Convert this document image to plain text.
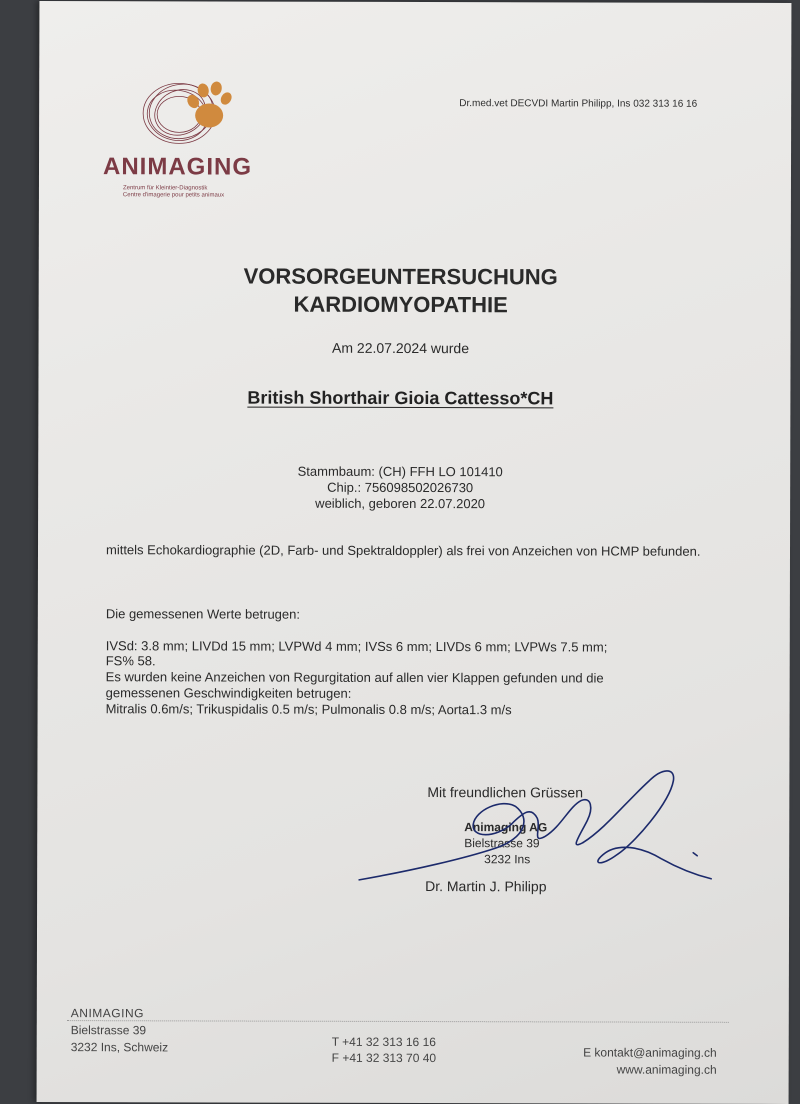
Dr.med.vet DECVDI Martin Philipp, Ins 032 313 16 16

ANIMAGING
Zentrum für Kleintier-Diagnostik
Centre d'imagerie pour petits animaux

VORSORGEUNTERSUCHUNG

KARDIOMYOPATHIE

Am 22.07.2024 wurde

British Shorthair Gioia Cattesso*CH

Stammbaum: (CH) FFH LO 101410

Chip.: 756098502026730

weiblich, geboren 22.07.2020

mittels Echokardiographie (2D, Farb- und Spektraldoppler) als frei von Anzeichen von HCMP befunden.

Die gemessenen Werte betrugen:

IVSd: 3.8 mm; LIVDd 15 mm; LVPWd 4 mm; IVSs 6 mm; LIVDs 6 mm; LVPWs 7.5 mm;

FS% 58.

Es wurden keine Anzeichen von Regurgitation auf allen vier Klappen gefunden und die

gemessenen Geschwindigkeiten betrugen:

Mitralis 0.6m/s; Trikuspidalis 0.5 m/s; Pulmonalis 0.8 m/s; Aorta1.3 m/s

Mit freundlichen Grüssen

Animaging AG

Bielstrasse 39

3232 Ins

Dr. Martin J. Philipp

ANIMAGING

Bielstrasse 39

3232 Ins, Schweiz	T +41 32 313 16 16

F +41 32 313 70 40	E kontakt@animaging.ch

www.animaging.ch
